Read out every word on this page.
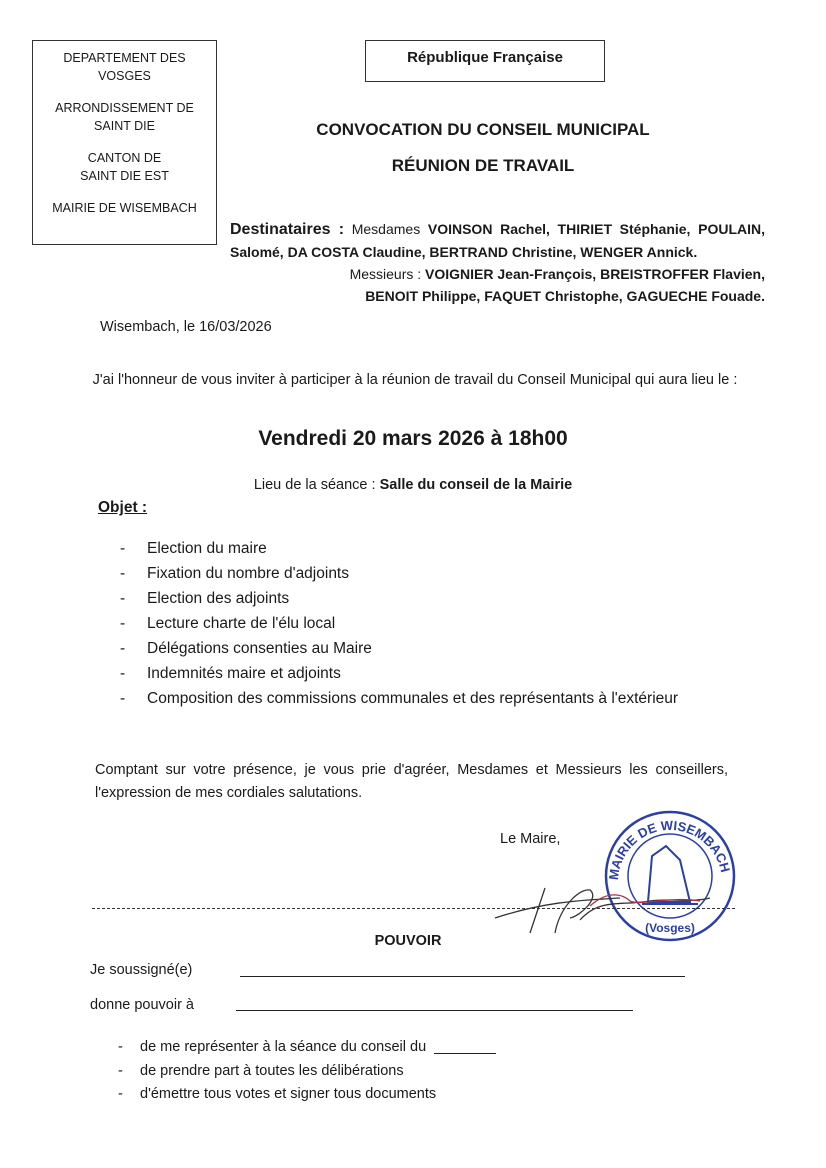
DEPARTEMENT DES VOSGES
ARRONDISSEMENT DE SAINT DIE
CANTON DE SAINT DIE EST
MAIRIE DE WISEMBACH
République Française
CONVOCATION DU CONSEIL MUNICIPAL
RÉUNION DE TRAVAIL
Destinataires : Mesdames VOINSON Rachel, THIRIET Stéphanie, POULAIN, Salomé, DA COSTA Claudine, BERTRAND Christine, WENGER Annick.
Messieurs : VOIGNIER Jean-François, BREISTROFFER Flavien, BENOIT Philippe, FAQUET Christophe, GAGUECHE Fouade.
Wisembach, le 16/03/2026
J'ai l'honneur de vous inviter à participer à la réunion de travail du Conseil Municipal qui aura lieu le :
Vendredi 20 mars 2026 à 18h00
Lieu de la séance : Salle du conseil de la Mairie
Objet :
-	Election du maire
-	Fixation du nombre d'adjoints
-	Election des adjoints
-	Lecture charte de l'élu local
-	Délégations consenties au Maire
-	Indemnités maire et adjoints
-	Composition des commissions communales et des représentants à l'extérieur
Comptant sur votre présence, je vous prie d'agréer, Mesdames et Messieurs les conseillers, l'expression de mes cordiales salutations.
Le Maire,
MAIRIE DE WISEMBACH
(Vosges)
POUVOIR
Je soussigné(e)
donne pouvoir à
-	de me représenter à la séance du conseil du
-	de prendre part à toutes les délibérations
-	d'émettre tous votes et signer tous documents
